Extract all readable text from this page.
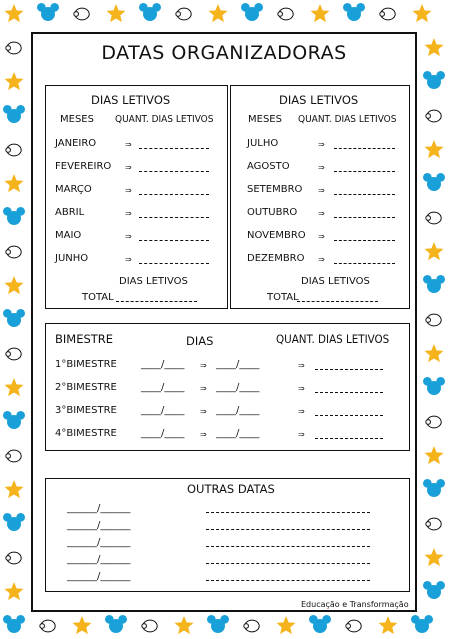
DATAS ORGANIZADORAS
DIAS LETIVOS
MESES QUANT. DIAS LETIVOS
JANEIRO	⇒
FEVEREIRO ⇒
MARÇO	⇒
ABRIL	⇒
MAIO	⇒
JUNHO	⇒
DIAS LETIVOS
TOTAL
DIAS LETIVOS
MESES QUANT. DIAS LETIVOS
JULHO	⇒
AGOSTO	⇒
SETEMBRO ⇒
OUTUBRO	⇒
NOVEMBRO ⇒
DEZEMBRO ⇒
DIAS LETIVOS
TOTAL
BIMESTRE	DIAS	QUANT. DIAS LETIVOS
1°BIMESTRE ____/____ ⇒ ____/____	⇒
2°BIMESTRE ____/____ ⇒ ____/____	⇒
3°BIMESTRE ____/____ ⇒ ____/____	⇒
4°BIMESTRE ____/____ ⇒ ____/____	⇒
OUTRAS DATAS
______/______
______/______
______/______
______/______
______/______
Educação e Transformação
